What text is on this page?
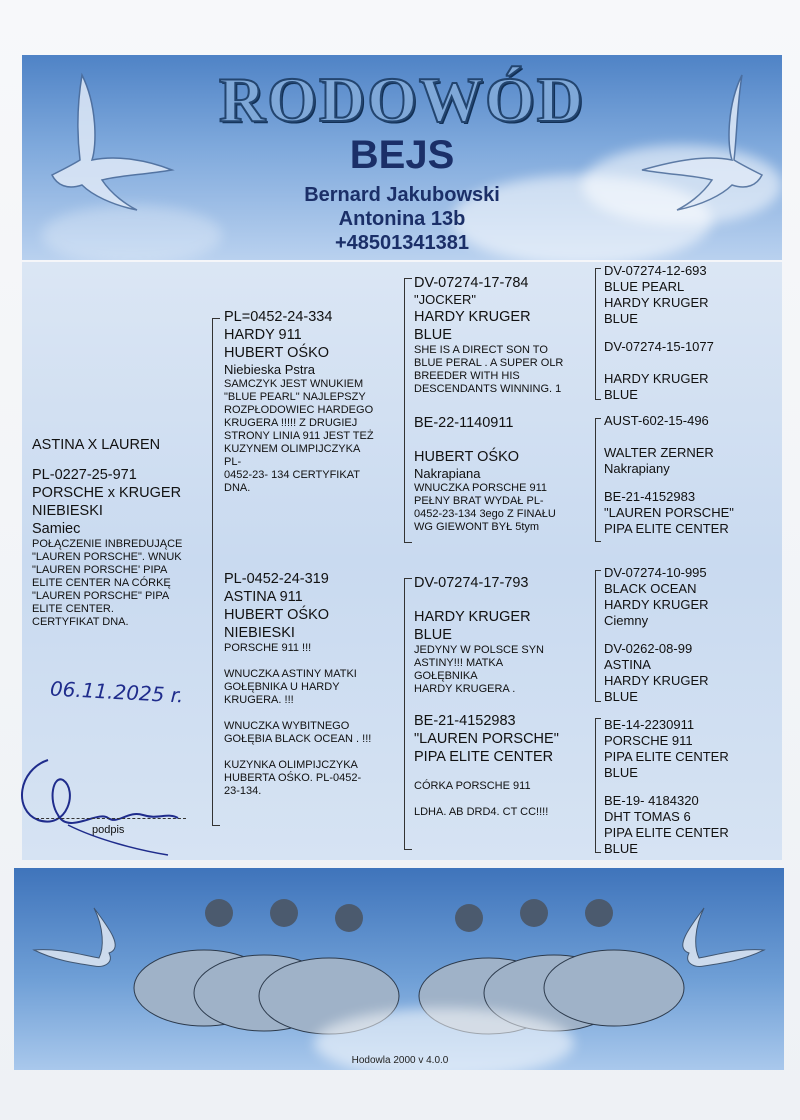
RODOWÓD
BEJS
Bernard Jakubowski
Antonina 13b
+48501341381
ASTINA X LAUREN
PL-0227-25-971
PORSCHE x KRUGER
NIEBIESKI
Samiec
POŁĄCZENIE INBREDUJĄCE
"LAUREN PORSCHE". WNUK
"LAUREN PORSCHE' PIPA
ELITE CENTER NA CÓRKĘ
"LAUREN PORSCHE" PIPA
ELITE CENTER.
CERTYFIKAT DNA.
06.11.2025 r.
podpis
PL=0452-24-334
HARDY 911
HUBERT OŚKO
Niebieska Pstra
SAMCZYK JEST WNUKIEM
"BLUE PEARL" NAJLEPSZY
ROZPŁODOWIEC HARDEGO
KRUGERA !!!!! Z DRUGIEJ
STRONY LINIA 911 JEST TEŻ
KUZYNEM OLIMPIJCZYKA
PL-
0452-23- 134 CERTYFIKAT
DNA.
PL-0452-24-319
ASTINA 911
HUBERT OŚKO
NIEBIESKI
PORSCHE 911 !!!
WNUCZKA ASTINY MATKI
GOŁĘBNIKA U HARDY
KRUGERA. !!!
WNUCZKA WYBITNEGO
GOŁĘBIA BLACK OCEAN . !!!
KUZYNKA OLIMPIJCZYKA
HUBERTA OŚKO. PL-0452-
23-134.
DV-07274-17-784
"JOCKER"
HARDY KRUGER
BLUE
SHE IS A DIRECT SON TO
BLUE PERAL . A SUPER OLR
BREEDER WITH HIS
DESCENDANTS WINNING. 1
BE-22-1140911
HUBERT OŚKO
Nakrapiana
WNUCZKA PORSCHE 911
PEŁNY BRAT WYDAŁ PL-
0452-23-134 3ego Z FINAŁU
WG GIEWONT BYŁ 5tym
DV-07274-17-793
HARDY KRUGER
BLUE
JEDYNY W POLSCE SYN
ASTINY!!! MATKA
GOŁĘBNIKA
HARDY KRUGERA .
BE-21-4152983
"LAUREN PORSCHE"
PIPA ELITE CENTER
CÓRKA PORSCHE 911
LDHA. AB DRD4. CT CC!!!!
DV-07274-12-693
BLUE PEARL
HARDY KRUGER
BLUE
DV-07274-15-1077
HARDY KRUGER
BLUE
AUST-602-15-496
WALTER ZERNER
Nakrapiany
BE-21-4152983
"LAUREN PORSCHE"
PIPA ELITE CENTER
DV-07274-10-995
BLACK OCEAN
HARDY KRUGER
Ciemny
DV-0262-08-99
ASTINA
HARDY KRUGER
BLUE
BE-14-2230911
PORSCHE 911
PIPA ELITE CENTER
BLUE
BE-19- 4184320
DHT TOMAS 6
PIPA ELITE CENTER
BLUE
Hodowla 2000 v 4.0.0
